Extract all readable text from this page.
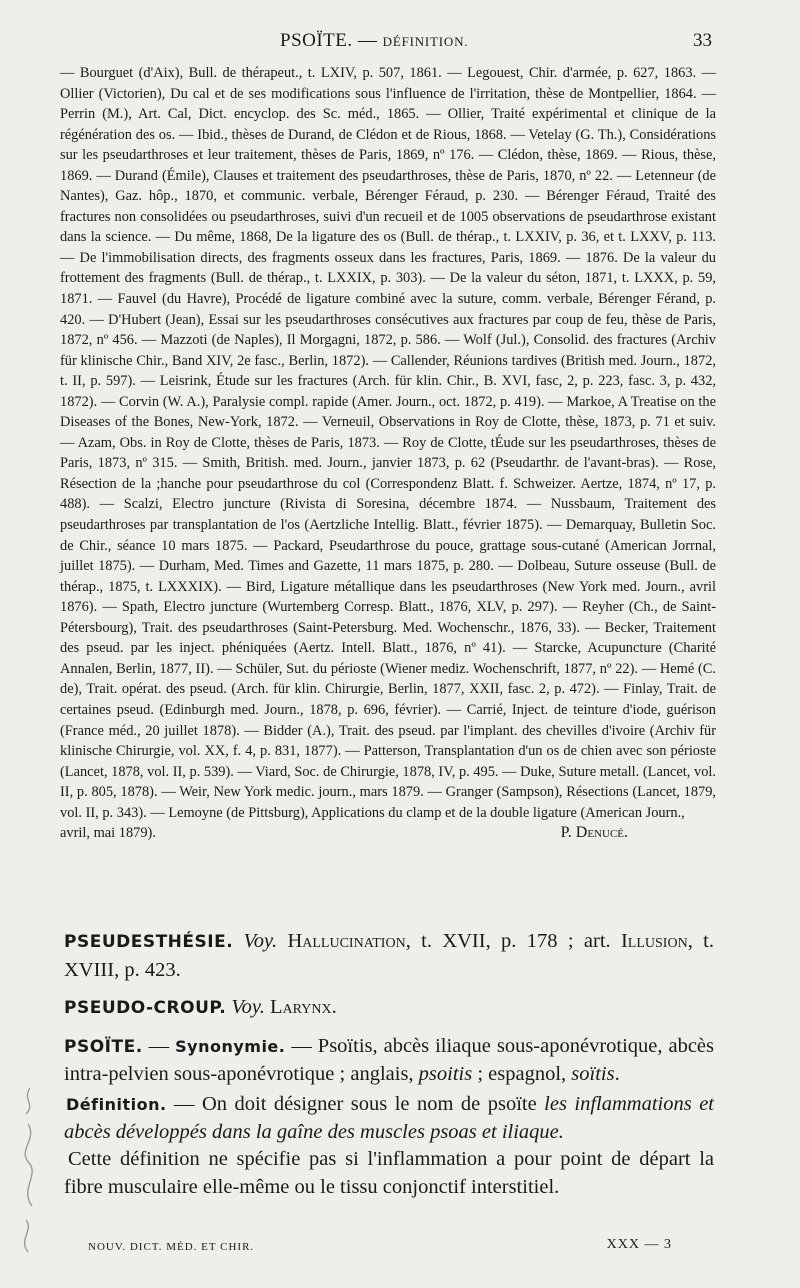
PSOÏTE. — DÉFINITION.	33
— Bourguet (d'Aix), Bull. de thérapeut., t. LXIV, p. 507, 1861. — Legouest, Chir. d'armée, p. 627, 1863. — Ollier (Victorien), Du cal et de ses modifications sous l'influence de l'irritation, thèse de Montpellier, 1864. — Perrin (M.), Art. Cal, Dict. encyclop. des Sc. méd., 1865. — Ollier, Traité expérimental et clinique de la régénération des os. — Ibid., thèses de Durand, de Clédon et de Rious, 1868. — Vetelay (G. Th.), Considérations sur les pseudarthroses et leur traitement, thèses de Paris, 1869, nº 176. — Clédon, thèse, 1869. — Rious, thèse, 1869. — Durand (Émile), Clauses et traitement des pseudarthroses, thèse de Paris, 1870, nº 22. — Letenneur (de Nantes), Gaz. hôp., 1870, et communic. verbale, Bérenger Féraud, p. 230. — Bérenger Féraud, Traité des fractures non consolidées ou pseudarthroses, suivi d'un recueil et de 1005 observations de pseudarthrose existant dans la science. — Du même, 1868, De la ligature des os (Bull. de thérap., t. LXXIV, p. 36, et t. LXXV, p. 113. — De l'immobilisation directs, des fragments osseux dans les fractures, Paris, 1869. — 1876. De la valeur du frottement des fragments (Bull. de thérap., t. LXXIX, p. 303). — De la valeur du séton, 1871, t. LXXX, p. 59, 1871. — Fauvel (du Havre), Procédé de ligature combiné avec la suture, comm. verbale, Bérenger Férand, p. 420. — D'Hubert (Jean), Essai sur les pseudarthroses consécutives aux fractures par coup de feu, thèse de Paris, 1872, nº 456. — Mazzoti (de Naples), Il Morgagni, 1872, p. 586. — Wolf (Jul.), Consolid. des fractures (Archiv für klinische Chir., Band XIV, 2e fasc., Berlin, 1872). — Callender, Réunions tardives (British med. Journ., 1872, t. II, p. 597). — Leisrink, Étude sur les fractures (Arch. für klin. Chir., B. XVI, fasc, 2, p. 223, fasc. 3, p. 432, 1872). — Corvin (W. A.), Paralysie compl. rapide (Amer. Journ., oct. 1872, p. 419). — Markoe, A Treatise on the Diseases of the Bones, New-York, 1872. — Verneuil, Observations in Roy de Clotte, thèse, 1873, p. 71 et suiv. — Azam, Obs. in Roy de Clotte, thèses de Paris, 1873. — Roy de Clotte, tÉude sur les pseudarthroses, thèses de Paris, 1873, nº 315. — Smith, British. med. Journ., janvier 1873, p. 62 (Pseudarthr. de l'avant-bras). — Rose, Résection de la ;hanche pour pseudarthrose du col (Correspondenz Blatt. f. Schweizer. Aertze, 1874, nº 17, p. 488). — Scalzi, Electro juncture (Rivista di Soresina, décembre 1874. — Nussbaum, Traitement des pseudarthroses par transplantation de l'os (Aertzliche Intellig. Blatt., février 1875). — Demarquay, Bulletin Soc. de Chir., séance 10 mars 1875. — Packard, Pseudarthrose du pouce, grattage sous-cutané (American Jorrnal, juillet 1875). — Durham, Med. Times and Gazette, 11 mars 1875, p. 280. — Dolbeau, Suture osseuse (Bull. de thérap., 1875, t. LXXXIX). — Bird, Ligature métallique dans les pseudarthroses (New York med. Journ., avril 1876). — Spath, Electro juncture (Wurtemberg Corresp. Blatt., 1876, XLV, p. 297). — Reyher (Ch., de Saint-Pétersbourg), Trait. des pseudarthroses (Saint-Petersburg. Med. Wochenschr., 1876, 33). — Becker, Traitement des pseud. par les inject. phéniquées (Aertz. Intell. Blatt., 1876, nº 41). — Starcke, Acupuncture (Charité Annalen, Berlin, 1877, II). — Schüler, Sut. du périoste (Wiener mediz. Wochenschrift, 1877, nº 22). — Hemé (C. de), Trait. opérat. des pseud. (Arch. für klin. Chirurgie, Berlin, 1877, XXII, fasc. 2, p. 472). — Finlay, Trait. de certaines pseud. (Edinburgh med. Journ., 1878, p. 696, février). — Carrié, Inject. de teinture d'iode, guérison (France méd., 20 juillet 1878). — Bidder (A.), Trait. des pseud. par l'implant. des chevilles d'ivoire (Archiv für klinische Chirurgie, vol. XX, f. 4, p. 831, 1877). — Patterson, Transplantation d'un os de chien avec son périoste (Lancet, 1878, vol. II, p. 539). — Viard, Soc. de Chirurgie, 1878, IV, p. 495. — Duke, Suture metall. (Lancet, vol. II, p. 805, 1878). — Weir, New York medic. journ., mars 1879. — Granger (Sampson), Résections (Lancet, 1879, vol. II, p. 343). — Lemoyne (de Pittsburg), Applications du clamp et de la double ligature (American Journ.,
avril, mai 1879).	P. Denucé.

PSEUDESTHÉSIE. Voy. Hallucination, t. XVII, p. 178 ; art. Illusion, t. XVIII, p. 423.

PSEUDO-CROUP. Voy. Larynx.

PSOÏTE. — Synonymie. — Psoïtis, abcès iliaque sous-aponévrotique, abcès intra-pelvien sous-aponévrotique ; anglais, psoitis ; espagnol, soïtis.

Définition. — On doit désigner sous le nom de psoïte les inflammations et abcès développés dans la gaîne des muscles psoas et iliaque.

Cette définition ne spécifie pas si l'inflammation a pour point de départ la fibre musculaire elle-même ou le tissu conjonctif interstitiel.

NOUV. DICT. MÉD. ET CHIR.	XXX — 3
